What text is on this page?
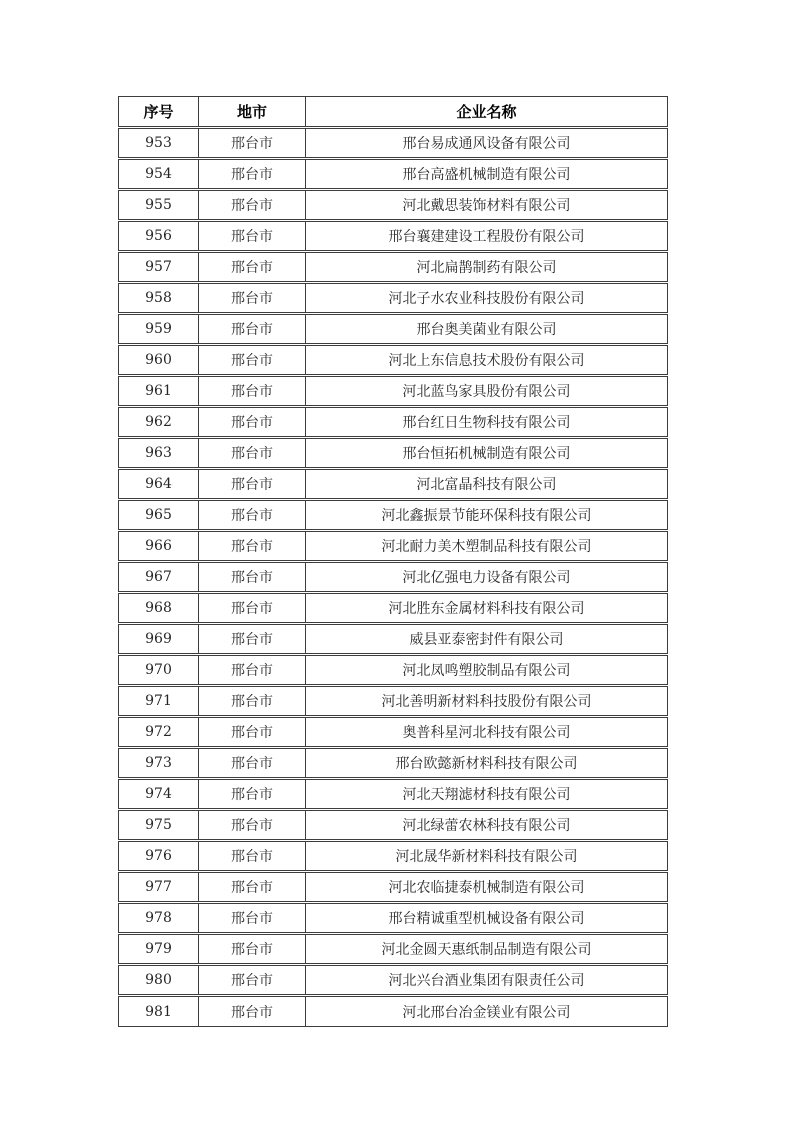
序号	地市	企业名称
953	邢台市	邢台易成通风设备有限公司
954	邢台市	邢台高盛机械制造有限公司
955	邢台市	河北戴思装饰材料有限公司
956	邢台市	邢台襄建建设工程股份有限公司
957	邢台市	河北扁鹊制药有限公司
958	邢台市	河北子水农业科技股份有限公司
959	邢台市	邢台奥美菌业有限公司
960	邢台市	河北上东信息技术股份有限公司
961	邢台市	河北蓝鸟家具股份有限公司
962	邢台市	邢台红日生物科技有限公司
963	邢台市	邢台恒拓机械制造有限公司
964	邢台市	河北富晶科技有限公司
965	邢台市	河北鑫振景节能环保科技有限公司
966	邢台市	河北耐力美木塑制品科技有限公司
967	邢台市	河北亿强电力设备有限公司
968	邢台市	河北胜东金属材料科技有限公司
969	邢台市	威县亚泰密封件有限公司
970	邢台市	河北凤鸣塑胶制品有限公司
971	邢台市	河北善明新材料科技股份有限公司
972	邢台市	奥普科星河北科技有限公司
973	邢台市	邢台欧懿新材料科技有限公司
974	邢台市	河北天翔滤材科技有限公司
975	邢台市	河北绿蕾农林科技有限公司
976	邢台市	河北晟华新材料科技有限公司
977	邢台市	河北农临捷泰机械制造有限公司
978	邢台市	邢台精诚重型机械设备有限公司
979	邢台市	河北金圆天惠纸制品制造有限公司
980	邢台市	河北兴台酒业集团有限责任公司
981	邢台市	河北邢台冶金镁业有限公司
